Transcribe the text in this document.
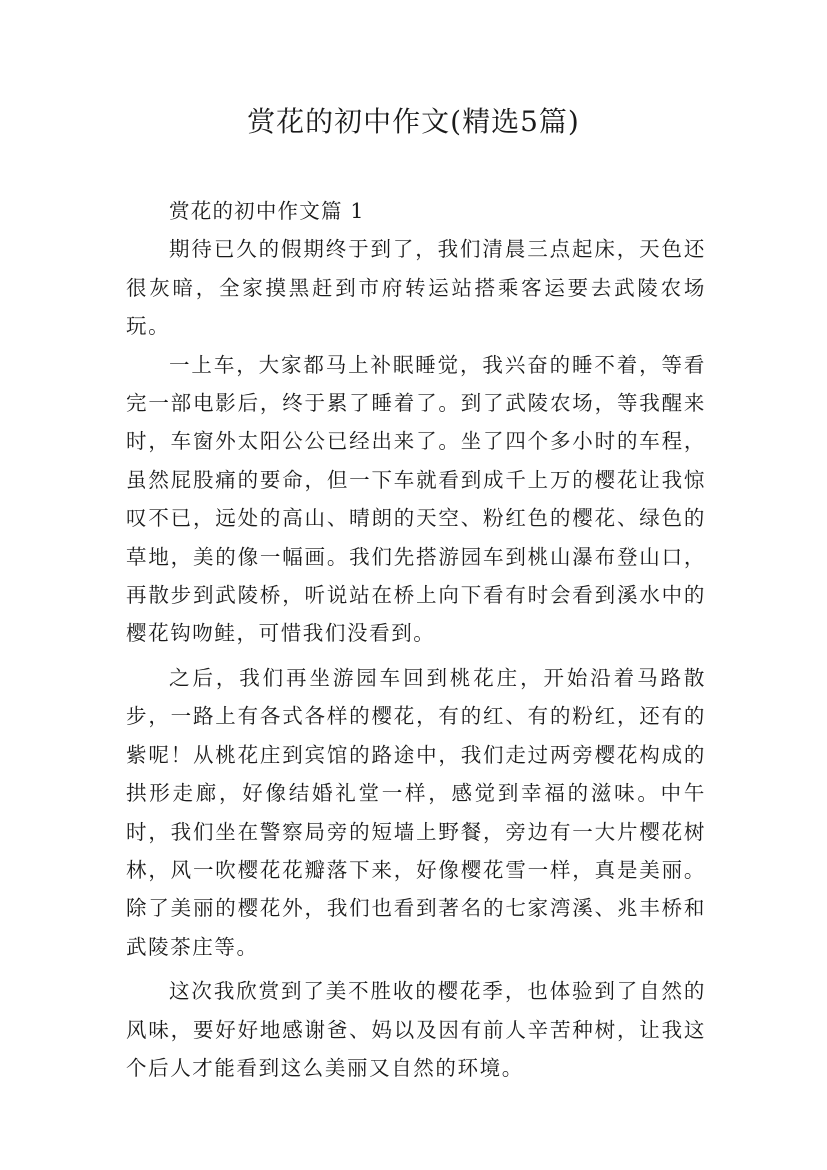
赏花的初中作文(精选5篇)

赏花的初中作文篇 1

期待已久的假期终于到了，我们清晨三点起床，天色还很灰暗，全家摸黑赶到市府转运站搭乘客运要去武陵农场玩。

一上车，大家都马上补眠睡觉，我兴奋的睡不着，等看完一部电影后，终于累了睡着了。到了武陵农场，等我醒来时，车窗外太阳公公已经出来了。坐了四个多小时的车程，虽然屁股痛的要命，但一下车就看到成千上万的樱花让我惊叹不已，远处的高山、晴朗的天空、粉红色的樱花、绿色的草地，美的像一幅画。我们先搭游园车到桃山瀑布登山口，再散步到武陵桥，听说站在桥上向下看有时会看到溪水中的樱花钩吻鲑，可惜我们没看到。

之后，我们再坐游园车回到桃花庄，开始沿着马路散步，一路上有各式各样的樱花，有的红、有的粉红，还有的紫呢！从桃花庄到宾馆的路途中，我们走过两旁樱花构成的拱形走廊，好像结婚礼堂一样，感觉到幸福的滋味。中午时，我们坐在警察局旁的短墙上野餐，旁边有一大片樱花树林，风一吹樱花花瓣落下来，好像樱花雪一样，真是美丽。除了美丽的樱花外，我们也看到著名的七家湾溪、兆丰桥和武陵茶庄等。

这次我欣赏到了美不胜收的樱花季，也体验到了自然的风味，要好好地感谢爸、妈以及因有前人辛苦种树，让我这个后人才能看到这么美丽又自然的环境。
